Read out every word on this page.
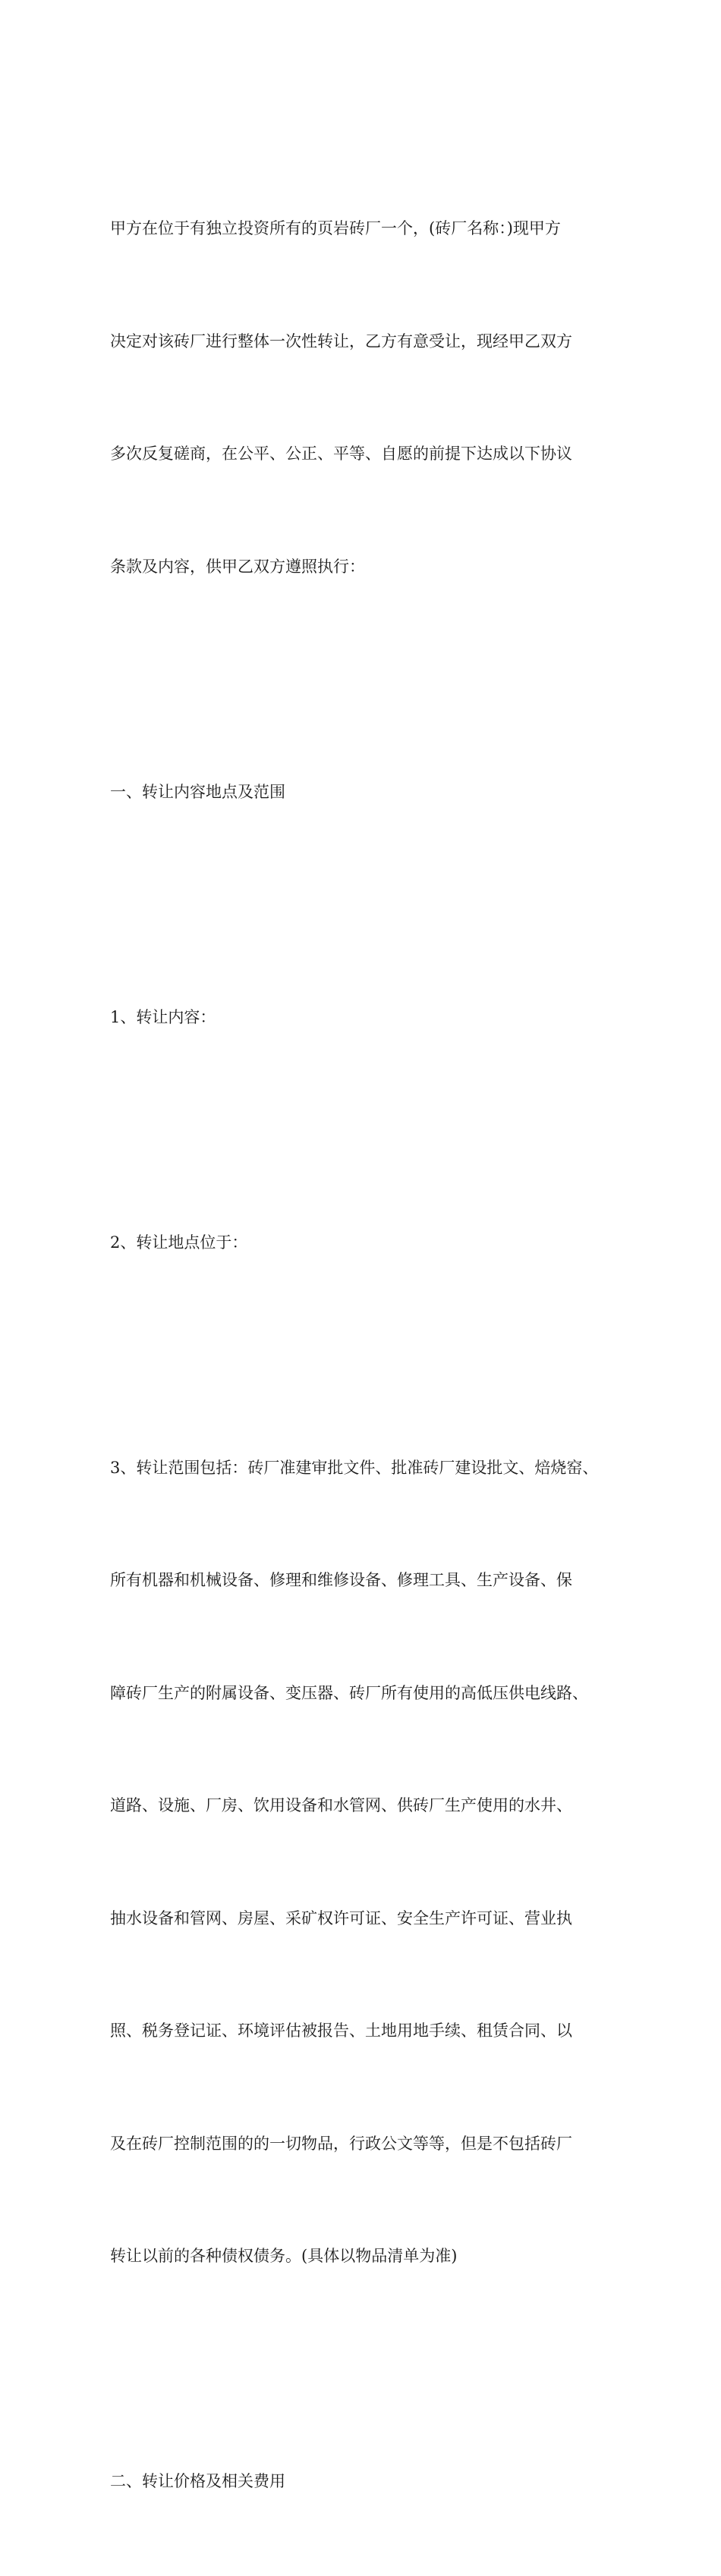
甲方在位于有独立投资所有的页岩砖厂一个，(砖厂名称：)现甲方

决定对该砖厂进行整体一次性转让，乙方有意受让，现经甲乙双方

多次反复磋商，在公平、公正、平等、自愿的前提下达成以下协议

条款及内容，供甲乙双方遵照执行：

一、转让内容地点及范围

1、转让内容：

2、转让地点位于：

3、转让范围包括：砖厂准建审批文件、批准砖厂建设批文、焙烧窑、

所有机器和机械设备、修理和维修设备、修理工具、生产设备、保

障砖厂生产的附属设备、变压器、砖厂所有使用的高低压供电线路、

道路、设施、厂房、饮用设备和水管网、供砖厂生产使用的水井、

抽水设备和管网、房屋、采矿权许可证、安全生产许可证、营业执

照、税务登记证、环境评估被报告、土地用地手续、租赁合同、以

及在砖厂控制范围的的一切物品，行政公文等等，但是不包括砖厂

转让以前的各种债权债务。(具体以物品清单为准)

二、转让价格及相关费用
